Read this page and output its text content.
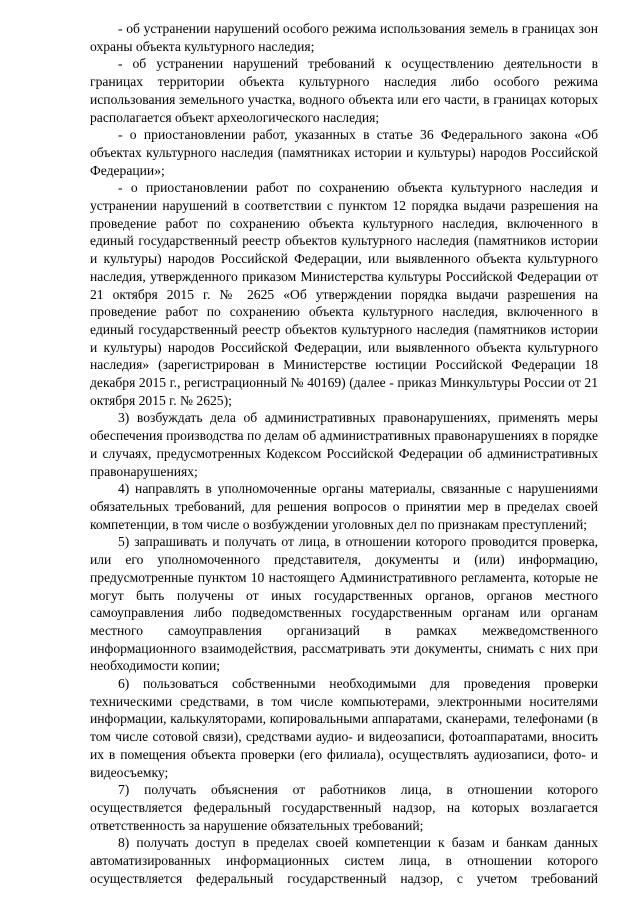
- об устранении нарушений особого режима использования земель в границах зон охраны объекта культурного наследия;

- об устранении нарушений требований к осуществлению деятельности в границах территории объекта культурного наследия либо особого режима использования земельного участка, водного объекта или его части, в границах которых располагается объект археологического наследия;

- о приостановлении работ, указанных в статье 36 Федерального закона «Об объектах культурного наследия (памятниках истории и культуры) народов Российской Федерации»;

- о приостановлении работ по сохранению объекта культурного наследия и устранении нарушений в соответствии с пунктом 12 порядка выдачи разрешения на проведение работ по сохранению объекта культурного наследия, включенного в единый государственный реестр объектов культурного наследия (памятников истории и культуры) народов Российской Федерации, или выявленного объекта культурного наследия, утвержденного приказом Министерства культуры Российской Федерации от 21 октября 2015 г. № 2625 «Об утверждении порядка выдачи разрешения на проведение работ по сохранению объекта культурного наследия, включенного в единый государственный реестр объектов культурного наследия (памятников истории и культуры) народов Российской Федерации, или выявленного объекта культурного наследия» (зарегистрирован в Министерстве юстиции Российской Федерации 18 декабря 2015 г., регистрационный № 40169) (далее - приказ Минкультуры России от 21 октября 2015 г. № 2625);

3) возбуждать дела об административных правонарушениях, применять меры обеспечения производства по делам об административных правонарушениях в порядке и случаях, предусмотренных Кодексом Российской Федерации об административных правонарушениях;

4) направлять в уполномоченные органы материалы, связанные с нарушениями обязательных требований, для решения вопросов о принятии мер в пределах своей компетенции, в том числе о возбуждении уголовных дел по признакам преступлений;

5) запрашивать и получать от лица, в отношении которого проводится проверка, или его уполномоченного представителя, документы и (или) информацию, предусмотренные пунктом 10 настоящего Административного регламента, которые не могут быть получены от иных государственных органов, органов местного самоуправления либо подведомственных государственным органам или органам местного самоуправления организаций в рамках межведомственного информационного взаимодействия, рассматривать эти документы, снимать с них при необходимости копии;

6) пользоваться собственными необходимыми для проведения проверки техническими средствами, в том числе компьютерами, электронными носителями информации, калькуляторами, копировальными аппаратами, сканерами, телефонами (в том числе сотовой связи), средствами аудио- и видеозаписи, фотоаппаратами, вносить их в помещения объекта проверки (его филиала), осуществлять аудиозаписи, фото- и видеосъемку;

7) получать объяснения от работников лица, в отношении которого осуществляется федеральный государственный надзор, на которых возлагается ответственность за нарушение обязательных требований;

8) получать доступ в пределах своей компетенции к базам и банкам данных автоматизированных информационных систем лица, в отношении которого осуществляется федеральный государственный надзор, с учетом требований
